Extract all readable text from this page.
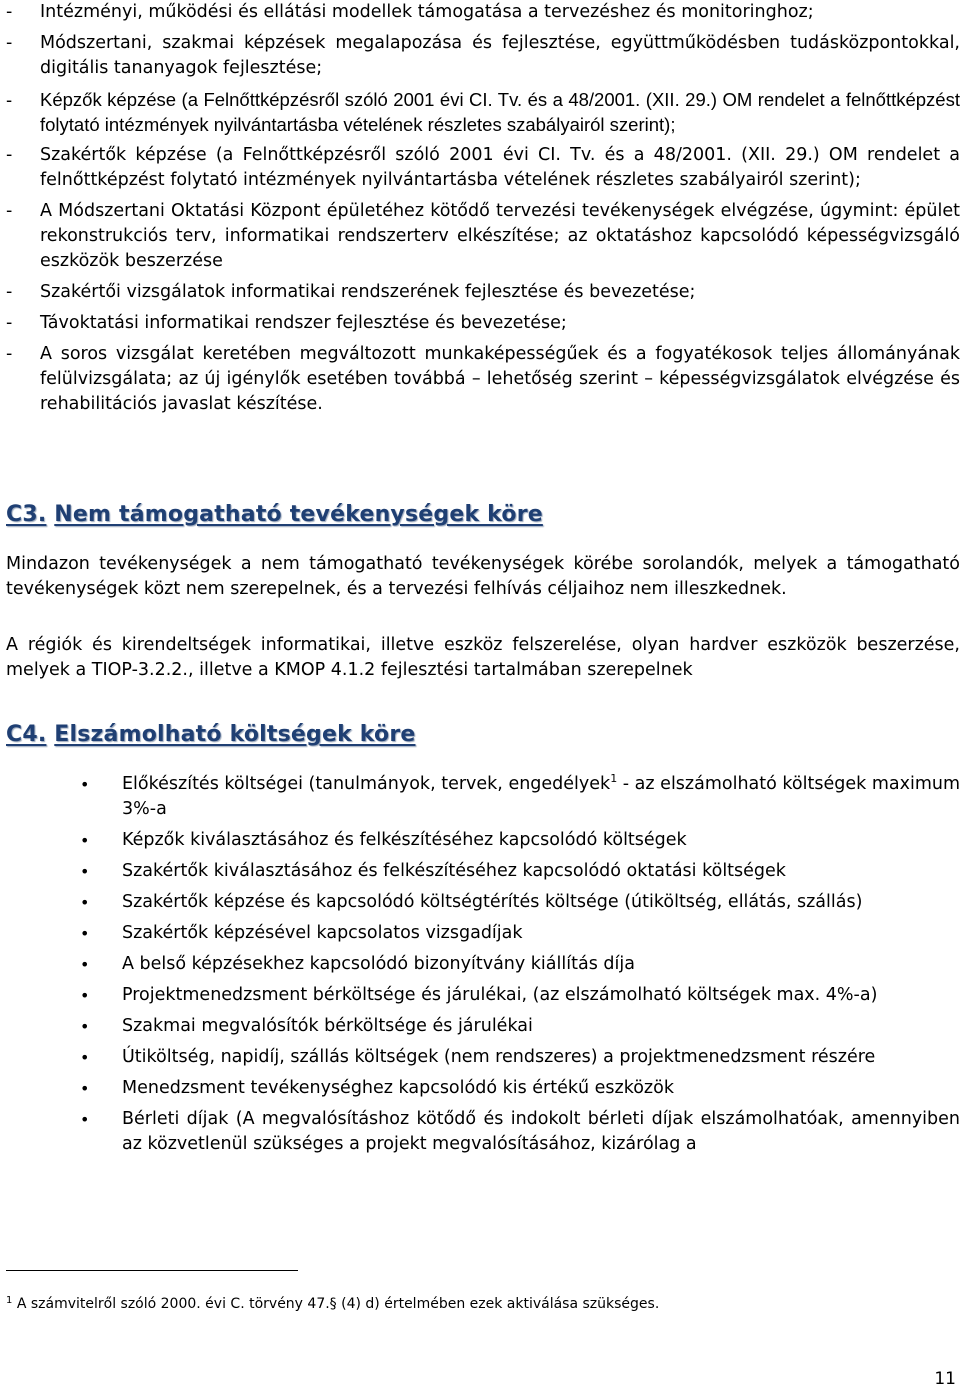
- Intézményi, működési és ellátási modellek támogatása a tervezéshez és monitoringhoz;
- Módszertani, szakmai képzések megalapozása és fejlesztése, együttműködésben tudásközpontokkal, digitális tananyagok fejlesztése;
- Képzők képzése (a Felnőttképzésről szóló 2001 évi CI. Tv. és a 48/2001. (XII. 29.) OM rendelet a felnőttképzést folytató intézmények nyilvántartásba vételének részletes szabályairól szerint);
- Szakértők képzése (a Felnőttképzésről szóló 2001 évi CI. Tv. és a 48/2001. (XII. 29.) OM rendelet a felnőttképzést folytató intézmények nyilvántartásba vételének részletes szabályairól szerint);
- A Módszertani Oktatási Központ épületéhez kötődő tervezési tevékenységek elvégzése, úgymint: épület rekonstrukciós terv, informatikai rendszerterv elkészítése; az oktatáshoz kapcsolódó képességvizsgáló eszközök beszerzése
- Szakértői vizsgálatok informatikai rendszerének fejlesztése és bevezetése;
- Távoktatási informatikai rendszer fejlesztése és bevezetése;
- A soros vizsgálat keretében megváltozott munkaképességűek és a fogyatékosok teljes állományának felülvizsgálata; az új igénylők esetében továbbá – lehetőség szerint – képességvizsgálatok elvégzése és rehabilitációs javaslat készítése.
C3. Nem támogatható tevékenységek köre

Mindazon tevékenységek a nem támogatható tevékenységek körébe sorolandók, melyek a támogatható tevékenységek közt nem szerepelnek, és a tervezési felhívás céljaihoz nem illeszkednek.

A régiók és kirendeltségek informatikai, illetve eszköz felszerelése, olyan hardver eszközök beszerzése, melyek a TIOP-3.2.2., illetve a KMOP 4.1.2 fejlesztési tartalmában szerepelnek

C4. Elszámolható költségek köre
• Előkészítés költségei (tanulmányok, tervek, engedélyek$^1$ - az elszámolható költségek maximum 3%-a
• Képzők kiválasztásához és felkészítéséhez kapcsolódó költségek
• Szakértők kiválasztásához és felkészítéséhez kapcsolódó oktatási költségek
• Szakértők képzése és kapcsolódó költségtérítés költsége (útiköltség, ellátás, szállás)
• Szakértők képzésével kapcsolatos vizsgadíjak
• A belső képzésekhez kapcsolódó bizonyítvány kiállítás díja
• Projektmenedzsment bérköltsége és járulékai, (az elszámolható költségek max. 4%-a)
• Szakmai megvalósítók bérköltsége és járulékai
• Útiköltség, napidíj, szállás költségek (nem rendszeres) a projektmenedzsment részére
• Menedzsment tevékenységhez kapcsolódó kis értékű eszközök
• Bérleti díjak (A megvalósításhoz kötődő és indokolt bérleti díjak elszámolhatóak, amennyiben az közvetlenül szükséges a projekt megvalósításához, kizárólag a
$^1$ A számvitelről szóló 2000. évi C. törvény 47.§ (4) d) értelmében ezek aktiválása szükséges.
11
